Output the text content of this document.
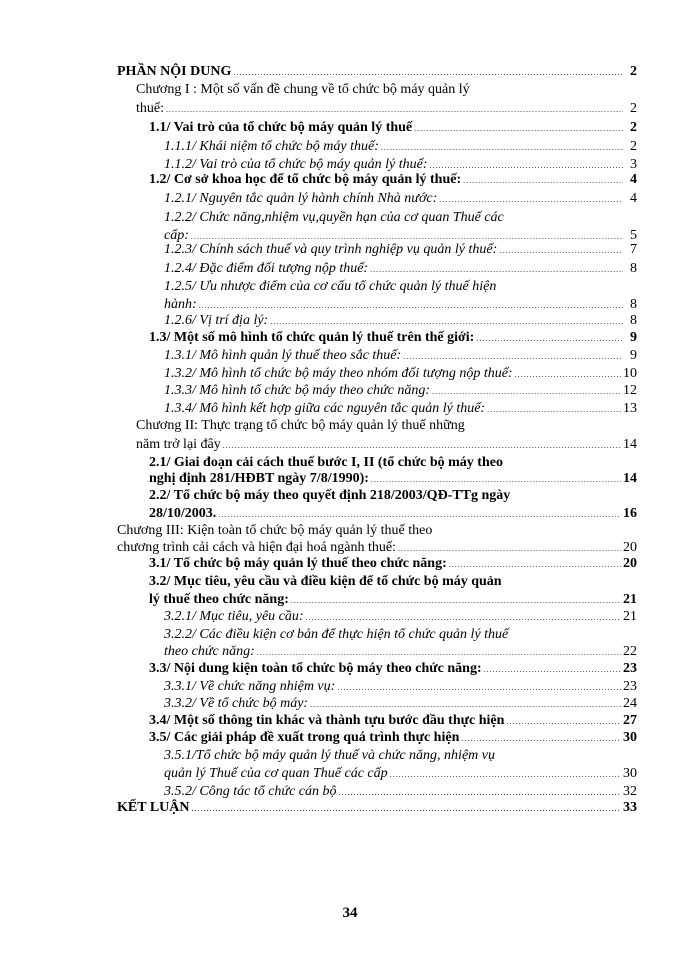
PHẦN NỘI DUNG .....	2
Chương I : Một số vấn đề chung về tổ chức bộ máy quản lý
thuế: .....	2
1.1/ Vai trò của tổ chức bộ máy quản lý thuế .....	2
1.1.1/ Khái niệm tổ chức bộ máy thuế: .....	2
1.1.2/ Vai trò của tổ chức bộ máy quản lý thuế: .....	3
1.2/ Cơ sở khoa học để tổ chức bộ máy quản lý thuế: .....	4
1.2.1/ Nguyên tắc quản lý hành chính Nhà nước: .....	4
1.2.2/ Chức năng,nhiệm vụ,quyền hạn của cơ quan Thuế các
cấp: .....	5
1.2.3/ Chính sách thuế và quy trình nghiệp vụ quản lý thuế: .....	7
1.2.4/ Đặc điểm đối tượng nộp thuế: .....	8
1.2.5/ Ưu nhược điểm của cơ cấu tổ chức quản lý thuế hiện
hành: .....	8
1.2.6/ Vị trí địa lý: .....	8
1.3/ Một số mô hình tổ chức quản lý thuế trên thế giới: .....	9
1.3.1/ Mô hình quản lý thuế theo sắc thuế: .....	9
1.3.2/ Mô hình tổ chức bộ máy theo nhóm đối tượng nộp thuế: .....	10
1.3.3/ Mô hình tổ chức bộ máy theo chức năng: .....	12
1.3.4/ Mô hình kết hợp giữa các nguyên tắc quản lý thuế: .....	13
Chương II: Thực trạng tổ chức bộ máy quản lý thuế những
năm trở lại đây .....	14
2.1/ Giai đoạn cải cách thuế bước I, II (tổ chức bộ máy theo
nghị định 281/HĐBT ngày 7/8/1990): .....	14
2.2/ Tổ chức bộ máy theo quyết định 218/2003/QĐ-TTg ngày
28/10/2003. .....	16
Chương III: Kiện toàn tổ chức bộ máy quản lý thuế theo
chương trình cải cách và hiện đại hoá ngành thuế: .....	20
3.1/ Tổ chức bộ máy quản lý thuế theo chức năng: .....	20
3.2/ Mục tiêu, yêu cầu và điều kiện để tổ chức bộ máy quản
lý thuế theo chức năng: .....	21
3.2.1/ Mục tiêu, yêu cầu: .....	21
3.2.2/ Các điều kiện cơ bản để thực hiện tổ chức quản lý thuế
theo chức năng: .....	22
3.3/ Nội dung kiện toàn tổ chức bộ máy theo chức năng: .....	23
3.3.1/ Về chức năng nhiệm vụ: .....	23
3.3.2/ Về tổ chức bộ máy: .....	24
3.4/ Một số thông tin khác và thành tựu bước đầu thực hiện .....	27
3.5/ Các giải pháp đề xuất trong quá trình thực hiện .....	30
3.5.1/Tổ chức bộ máy quản lý thuế và chức năng, nhiệm vụ
quản lý Thuế của cơ quan Thuế các cấp .....	30
3.5.2/ Công tác tổ chức cán bộ .....	32
KẾT LUẬN .....	33
34
